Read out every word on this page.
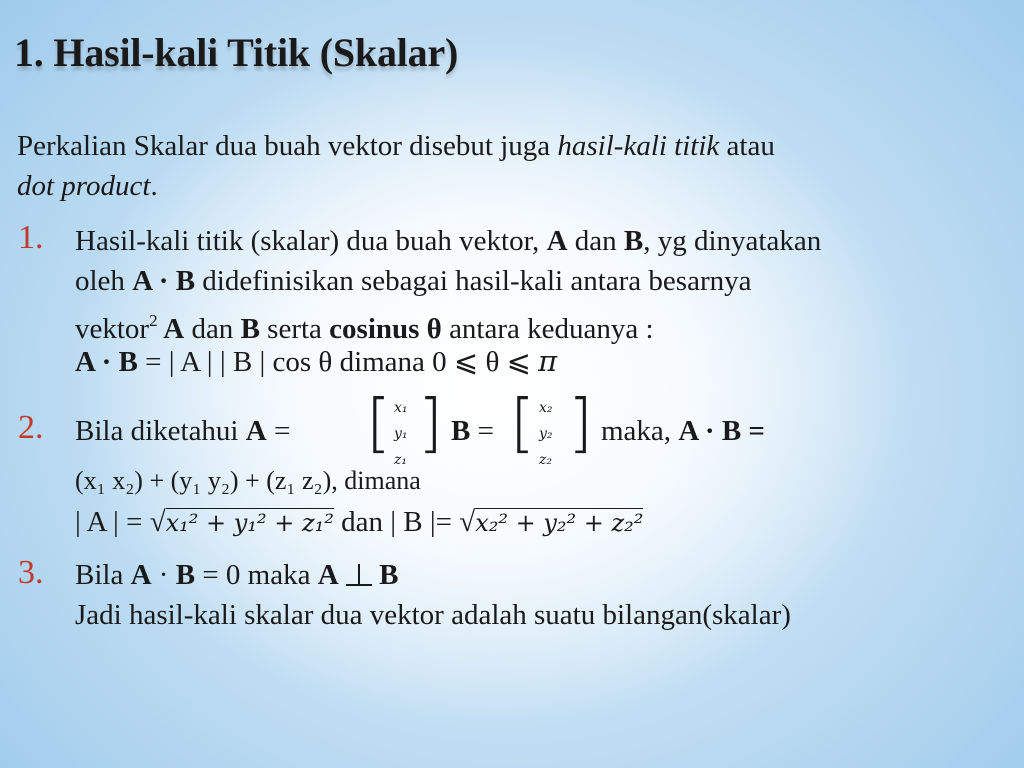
1. Hasil-kali Titik (Skalar)
Perkalian Skalar dua buah vektor disebut juga hasil-kali titik atau
dot product.
1. Hasil-kali titik (skalar) dua buah vektor, A dan B, yg dinyatakan
oleh A · B didefinisikan sebagai hasil-kali antara besarnya
vektor$^2$ A dan B serta cosinus θ antara keduanya :
A · B = | A | | B | cos θ dimana 0 ⩽ θ ⩽ π
2. Bila diketahui A = [ x₁
y₁
z₁ ] B = [ x₂
y₂
z₂ ] maka, A · B =
(x₁ x₂) + (y₁ y₂) + (z₁ z₂), dimana
| A | = √x₁² + y₁² + z₁² dan | B |= √x₂² + y₂² + z₂²
3. Bila A · B = 0 maka A B
Jadi hasil-kali skalar dua vektor adalah suatu bilangan(skalar)
